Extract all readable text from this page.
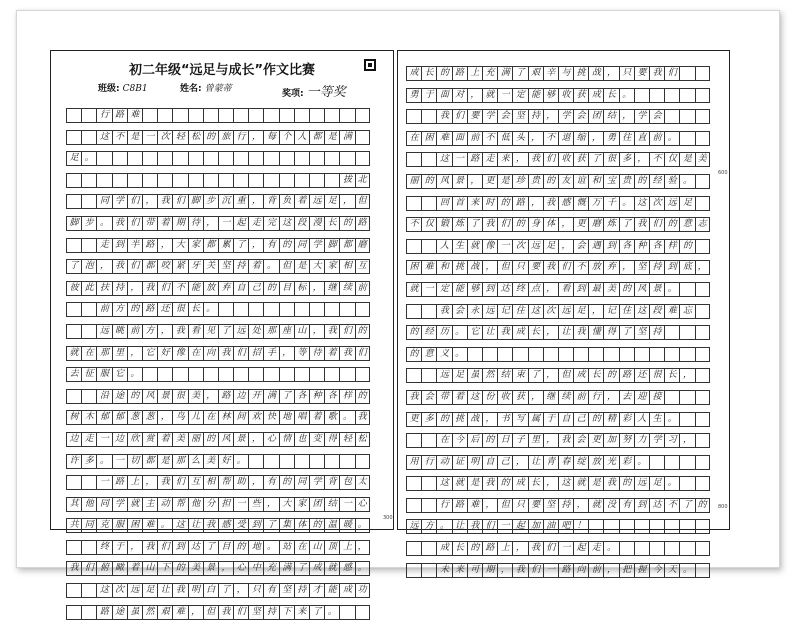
初二年级“远足与成长”作文比赛
班级: C8B1	姓名: 曾蒙蒂	奖项: 一等奖
行 路 难
这 不 是 一 次 轻 松 的 旅 行 ， 每 个 人 都 是 满
足 。
拔 北
同 学 们 ， 我 们 脚 步 沉 重 ， 背 负 着 远 足 ， 但
脚 步 。 我 们 带 着 期 待 ， 一 起 走 完 这 段 漫 长 的 路
走 到 半 路 ， 大 家 都 累 了 ， 有 的 同 学 脚 都 磨
了 泡 ， 我 们 都 咬 紧 牙 关 坚 持 着 。 但 是 大 家 相 互
彼 此 扶 持 ， 我 们 不 能 放 弃 自 己 的 目 标 ， 继 续 前
前 方 的 路 还 很 长 。
远 眺 前 方 ， 我 看 见 了 远 处 那 座 山 ， 我 们 的
就 在 那 里 ， 它 好 像 在 向 我 们 招 手 ， 等 待 着 我 们
去 征 服 它 。
沿 途 的 风 景 很 美 ， 路 边 开 满 了 各 种 各 样 的
树 木 郁 郁 葱 葱 ， 鸟 儿 在 林 间 欢 快 地 唱 着 歌 。 我
边 走 一 边 欣 赏 着 美 丽 的 风 景 ， 心 情 也 变 得 轻 松
许 多 。 一 切 都 是 那 么 美 好 。
一 路 上 ， 我 们 互 相 帮 助 ， 有 的 同 学 背 包 太
其 他 同 学 就 主 动 帮 他 分 担 一 些 ， 大 家 团 结 一 心
共 同 克 服 困 难 。 这 让 我 感 受 到 了 集 体 的 温 暖 。
终 于 ， 我 们 到 达 了 目 的 地 。 站 在 山 顶 上 ，
我 们 俯 瞰 着 山 下 的 美 景 ， 心 中 充 满 了 成 就 感 。
这 次 远 足 让 我 明 白 了 ， 只 有 坚 持 才 能 成 功
路 途 虽 然 艰 难 ， 但 我 们 坚 持 下 来 了 。
成 长 的 路 上 充 满 了 艰 辛 与 挑 战 ， 只 要 我 们
勇 于 面 对 ， 就 一 定 能 够 收 获 成 长 。
我 们 要 学 会 坚 持 ， 学 会 团 结 ， 学 会
在 困 难 面 前 不 低 头 ， 不 退 缩 ， 勇 往 直 前 。
这 一 路 走 来 ， 我 们 收 获 了 很 多 ， 不 仅 是 美
丽 的 风 景 ， 更 是 珍 贵 的 友 谊 和 宝 贵 的 经 验 。
回 首 来 时 的 路 ， 我 感 慨 万 千 。 这 次 远 足
不 仅 锻 炼 了 我 们 的 身 体 ， 更 磨 炼 了 我 们 的 意 志
人 生 就 像 一 次 远 足 ， 会 遇 到 各 种 各 样 的
困 难 和 挑 战 ， 但 只 要 我 们 不 放 弃 ， 坚 持 到 底 ，
就 一 定 能 够 到 达 终 点 ， 看 到 最 美 的 风 景 。
我 会 永 远 记 住 这 次 远 足 ， 记 住 这 段 难 忘
的 经 历 。 它 让 我 成 长 ， 让 我 懂 得 了 坚 持
的 意 义 。
远 足 虽 然 结 束 了 ， 但 成 长 的 路 还 很 长 ，
我 会 带 着 这 份 收 获 ， 继 续 前 行 ， 去 迎 接
更 多 的 挑 战 ， 书 写 属 于 自 己 的 精 彩 人 生 。
在 今 后 的 日 子 里 ， 我 会 更 加 努 力 学 习 ，
用 行 动 证 明 自 己 ， 让 青 春 绽 放 光 彩 。
这 就 是 我 的 成 长 ， 这 就 是 我 的 远 足 。
行 路 难 ， 但 只 要 坚 持 ， 就 没 有 到 达 不 了 的
远 方 。 让 我 们 一 起 加 油 吧 ！
成 长 的 路 上 ， 我 们 一 起 走 。
未 来 可 期 ， 我 们 一 路 向 前 ， 把 握 今 天 。
300
600
800
